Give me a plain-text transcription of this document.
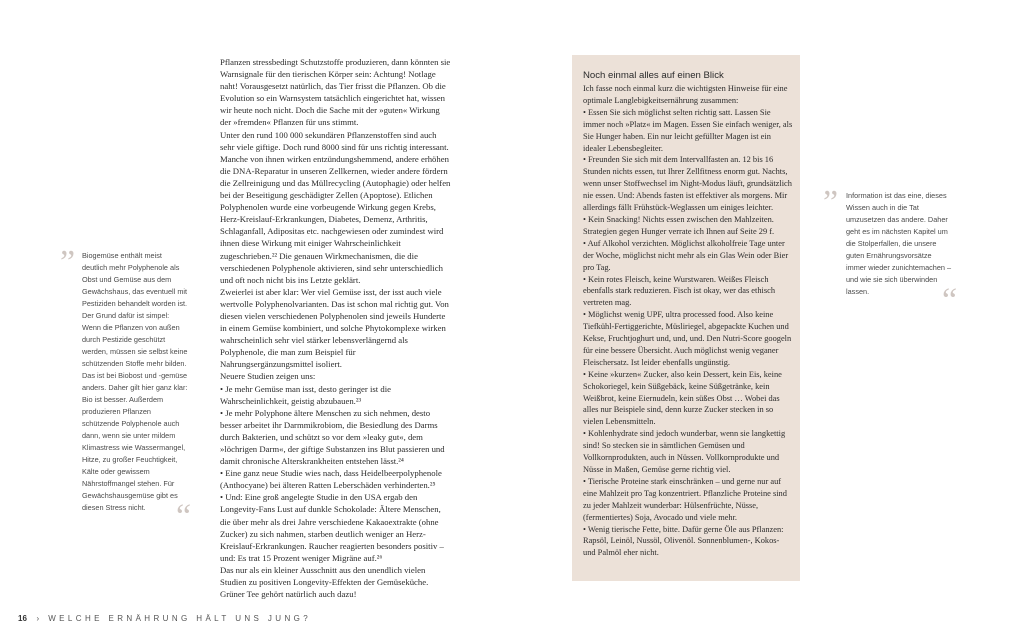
” Biogemüse enthält meist deutlich mehr Polyphenole als Obst und Gemüse aus dem Gewächshaus, das eventuell mit Pestiziden behandelt worden ist. Der Grund dafür ist simpel: Wenn die Pflanzen von außen durch Pestizide geschützt werden, müssen sie selbst keine schützenden Stoffe mehr bilden. Das ist bei Biobost und -gemüse anders. Daher gilt hier ganz klar: Bio ist besser. Außerdem produzieren Pflanzen schützende Polyphenole auch dann, wenn sie unter mildem Klimastress wie Wassermangel, Hitze, zu großer Feuchtigkeit, Kälte oder gewissem Nährstoffmangel stehen. Für Gewächshausgemüse gibt es diesen Stress nicht. “

Pflanzen stressbedingt Schutzstoffe produzieren, dann könnten sie Warnsignale für den tierischen Körper sein: Achtung! Notlage naht! Vorausgesetzt natürlich, das Tier frisst die Pflanzen. Ob die Evolution so ein Warnsystem tatsächlich eingerichtet hat, wissen wir heute noch nicht. Doch die Sache mit der »guten« Wirkung der »fremden« Pflanzen für uns stimmt.

Unter den rund 100 000 sekundären Pflanzenstoffen sind auch sehr viele giftige. Doch rund 8000 sind für uns richtig interessant. Manche von ihnen wirken entzündungshemmend, andere erhöhen die DNA-Reparatur in unseren Zellkernen, wieder andere fördern die Zellreinigung und das Müllrecycling (Autophagie) oder helfen bei der Beseitigung geschädigter Zellen (Apoptose). Etlichen Polyphenolen wurde eine vorbeugende Wirkung gegen Krebs, Herz-Kreislauf-Erkrankungen, Diabetes, Demenz, Arthritis, Schlaganfall, Adipositas etc. nachgewiesen oder zumindest wird ihnen diese Wirkung mit einiger Wahrscheinlichkeit zugeschrieben.²² Die genauen Wirkmechanismen, die die verschiedenen Polyphenole aktivieren, sind sehr unterschiedlich und oft noch nicht bis ins Letzte geklärt.

Zweierlei ist aber klar: Wer viel Gemüse isst, der isst auch viele wertvolle Polyphenolvarianten. Das ist schon mal richtig gut. Von diesen vielen verschiedenen Polyphenolen sind jeweils Hunderte in einem Gemüse kombiniert, und solche Phytokomplexe wirken wahrscheinlich sehr viel stärker lebensverlängernd als Polyphenole, die man zum Beispiel für Nahrungsergänzungsmittel isoliert.

Neuere Studien zeigen uns:

• Je mehr Gemüse man isst, desto geringer ist die Wahrscheinlichkeit, geistig abzubauen.²³

• Je mehr Polyphone ältere Menschen zu sich nehmen, desto besser arbeitet ihr Darmmikrobiom, die Besiedlung des Darms durch Bakterien, und schützt so vor dem »leaky gut«, dem »löchrigen Darm«, der giftige Substanzen ins Blut passieren und damit chronische Alterskrankheiten entstehen lässt.²⁴

• Eine ganz neue Studie wies nach, dass Heidelbeerpolyphenole (Anthocyane) bei älteren Ratten Leberschäden verhinderten.²⁵

• Und: Eine groß angelegte Studie in den USA ergab den Longevity-Fans Lust auf dunkle Schokolade: Ältere Menschen, die über mehr als drei Jahre verschiedene Kakaoextrakte (ohne Zucker) zu sich nahmen, starben deutlich weniger an Herz-Kreislauf-Erkrankungen. Raucher reagierten besonders positiv – und: Es trat 15 Prozent weniger Migräne auf.²⁶

Das nur als ein kleiner Ausschnitt aus den unendlich vielen Studien zu positiven Longevity-Effekten der Gemüseküche. Grüner Tee gehört natürlich auch dazu!

Noch einmal alles auf einen Blick

Ich fasse noch einmal kurz die wichtigsten Hinweise für eine optimale Langlebigkeitsernährung zusammen:

• Essen Sie sich möglichst selten richtig satt. Lassen Sie immer noch »Platz« im Magen. Essen Sie einfach weniger, als Sie Hunger haben. Ein nur leicht gefüllter Magen ist ein idealer Lebensbegleiter.

• Freunden Sie sich mit dem Intervallfasten an. 12 bis 16 Stunden nichts essen, tut Ihrer Zellfitness enorm gut. Nachts, wenn unser Stoffwechsel im Night-Modus läuft, grundsätzlich nie essen. Und: Abends fasten ist effektiver als morgens. Mir allerdings fällt Frühstück-Weglassen um einiges leichter.

• Kein Snacking! Nichts essen zwischen den Mahlzeiten. Strategien gegen Hunger verrate ich Ihnen auf Seite 29 f.

• Auf Alkohol verzichten. Möglichst alkoholfreie Tage unter der Woche, möglichst nicht mehr als ein Glas Wein oder Bier pro Tag.

• Kein rotes Fleisch, keine Wurstwaren. Weißes Fleisch ebenfalls stark reduzieren. Fisch ist okay, wer das ethisch vertreten mag.

• Möglichst wenig UPF, ultra processed food. Also keine Tiefkühl-Fertiggerichte, Müsliriegel, abgepackte Kuchen und Kekse, Fruchtjoghurt und, und, und. Den Nutri-Score googeln für eine bessere Übersicht. Auch möglichst wenig veganer Fleischersatz. Ist leider ebenfalls ungünstig.

• Keine »kurzen« Zucker, also kein Dessert, kein Eis, keine Schokoriegel, kein Süßgebäck, keine Süßgetränke, kein Weißbrot, keine Eiernudeln, kein süßes Obst … Wobei das alles nur Beispiele sind, denn kurze Zucker stecken in so vielen Lebensmitteln.

• Kohlenhydrate sind jedoch wunderbar, wenn sie langkettig sind! So stecken sie in sämtlichen Gemüsen und Vollkornprodukten, auch in Nüssen. Vollkornprodukte und Nüsse in Maßen, Gemüse gerne richtig viel.

• Tierische Proteine stark einschränken – und gerne nur auf eine Mahlzeit pro Tag konzentriert. Pflanzliche Proteine sind zu jeder Mahlzeit wunderbar: Hülsenfrüchte, Nüsse, (fermentiertes) Soja, Avocado und viele mehr.

• Wenig tierische Fette, bitte. Dafür gerne Öle aus Pflanzen: Rapsöl, Leinöl, Nussöl, Olivenöl. Sonnenblumen-, Kokos- und Palmöl eher nicht.

” Information ist das eine, dieses Wissen auch in die Tat umzusetzen das andere. Daher geht es im nächsten Kapitel um die Stolperfallen, die unsere guten Ernährungsvorsätze immer wieder zunichtemachen – und wie sie sich überwinden lassen.	“
16 › WELCHE ERNÄHRUNG HÄLT UNS JUNG?
